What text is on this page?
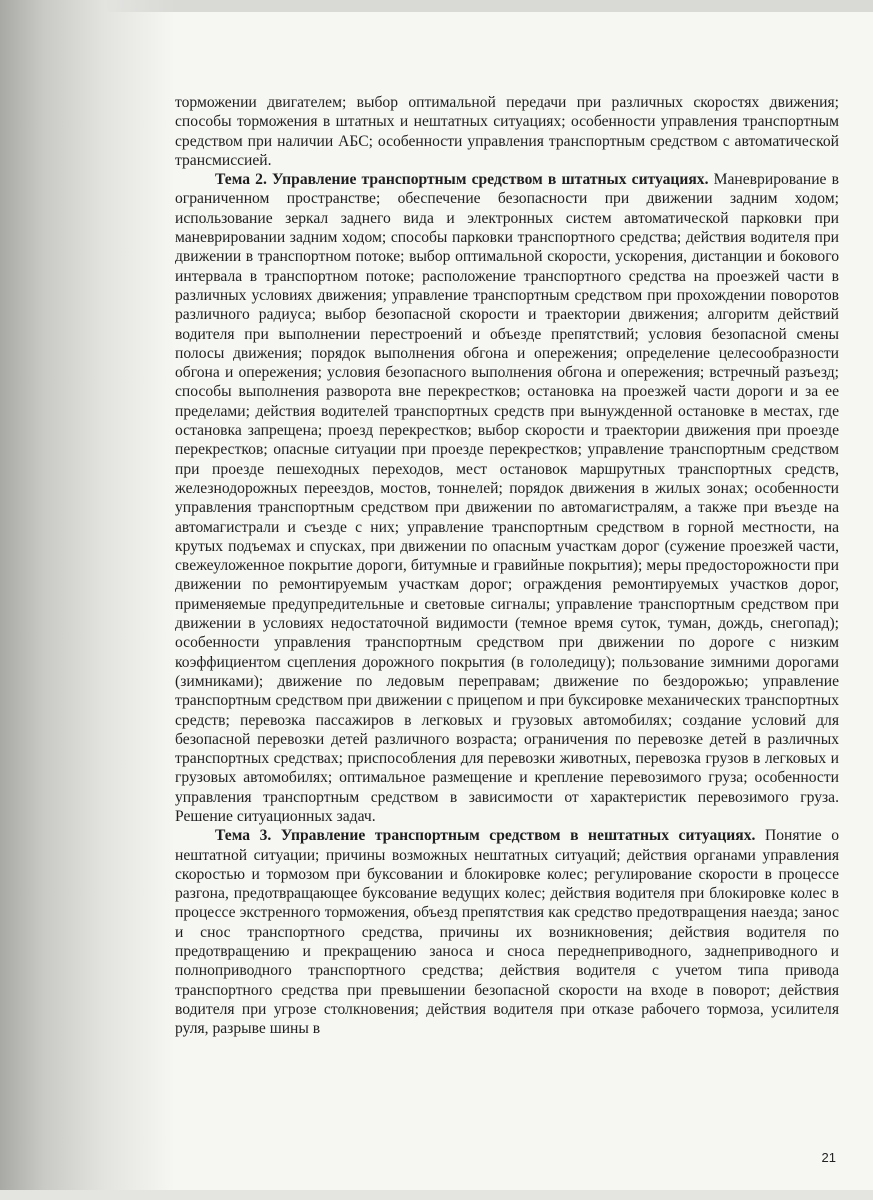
торможении двигателем; выбор оптимальной передачи при различных скоростях движения; способы торможения в штатных и нештатных ситуациях; особенности управления транспортным средством при наличии АБС; особенности управления транспортным средством с автоматической трансмиссией.

Тема 2. Управление транспортным средством в штатных ситуациях. Маневрирование в ограниченном пространстве; обеспечение безопасности при движении задним ходом; использование зеркал заднего вида и электронных систем автоматической парковки при маневрировании задним ходом; способы парковки транспортного средства; действия водителя при движении в транспортном потоке; выбор оптимальной скорости, ускорения, дистанции и бокового интервала в транспортном потоке; расположение транспортного средства на проезжей части в различных условиях движения; управление транспортным средством при прохождении поворотов различного радиуса; выбор безопасной скорости и траектории движения; алгоритм действий водителя при выполнении перестроений и объезде препятствий; условия безопасной смены полосы движения; порядок выполнения обгона и опережения; определение целесообразности обгона и опережения; условия безопасного выполнения обгона и опережения; встречный разъезд; способы выполнения разворота вне перекрестков; остановка на проезжей части дороги и за ее пределами; действия водителей транспортных средств при вынужденной остановке в местах, где остановка запрещена; проезд перекрестков; выбор скорости и траектории движения при проезде перекрестков; опасные ситуации при проезде перекрестков; управление транспортным средством при проезде пешеходных переходов, мест остановок маршрутных транспортных средств, железнодорожных переездов, мостов, тоннелей; порядок движения в жилых зонах; особенности управления транспортным средством при движении по автомагистралям, а также при въезде на автомагистрали и съезде с них; управление транспортным средством в горной местности, на крутых подъемах и спусках, при движении по опасным участкам дорог (сужение проезжей части, свежеуложенное покрытие дороги, битумные и гравийные покрытия); меры предосторожности при движении по ремонтируемым участкам дорог; ограждения ремонтируемых участков дорог, применяемые предупредительные и световые сигналы; управление транспортным средством при движении в условиях недостаточной видимости (темное время суток, туман, дождь, снегопад); особенности управления транспортным средством при движении по дороге с низким коэффициентом сцепления дорожного покрытия (в гололедицу); пользование зимними дорогами (зимниками); движение по ледовым переправам; движение по бездорожью; управление транспортным средством при движении с прицепом и при буксировке механических транспортных средств; перевозка пассажиров в легковых и грузовых автомобилях; создание условий для безопасной перевозки детей различного возраста; ограничения по перевозке детей в различных транспортных средствах; приспособления для перевозки животных, перевозка грузов в легковых и грузовых автомобилях; оптимальное размещение и крепление перевозимого груза; особенности управления транспортным средством в зависимости от характеристик перевозимого груза. Решение ситуационных задач.

Тема 3. Управление транспортным средством в нештатных ситуациях. Понятие о нештатной ситуации; причины возможных нештатных ситуаций; действия органами управления скоростью и тормозом при буксовании и блокировке колес; регулирование скорости в процессе разгона, предотвращающее буксование ведущих колес; действия водителя при блокировке колес в процессе экстренного торможения, объезд препятствия как средство предотвращения наезда; занос и снос транспортного средства, причины их возникновения; действия водителя по предотвращению и прекращению заноса и сноса переднеприводного, заднеприводного и полноприводного транспортного средства; действия водителя с учетом типа привода транспортного средства при превышении безопасной скорости на входе в поворот; действия водителя при угрозе столкновения; действия водителя при отказе рабочего тормоза, усилителя руля, разрыве шины в

21
